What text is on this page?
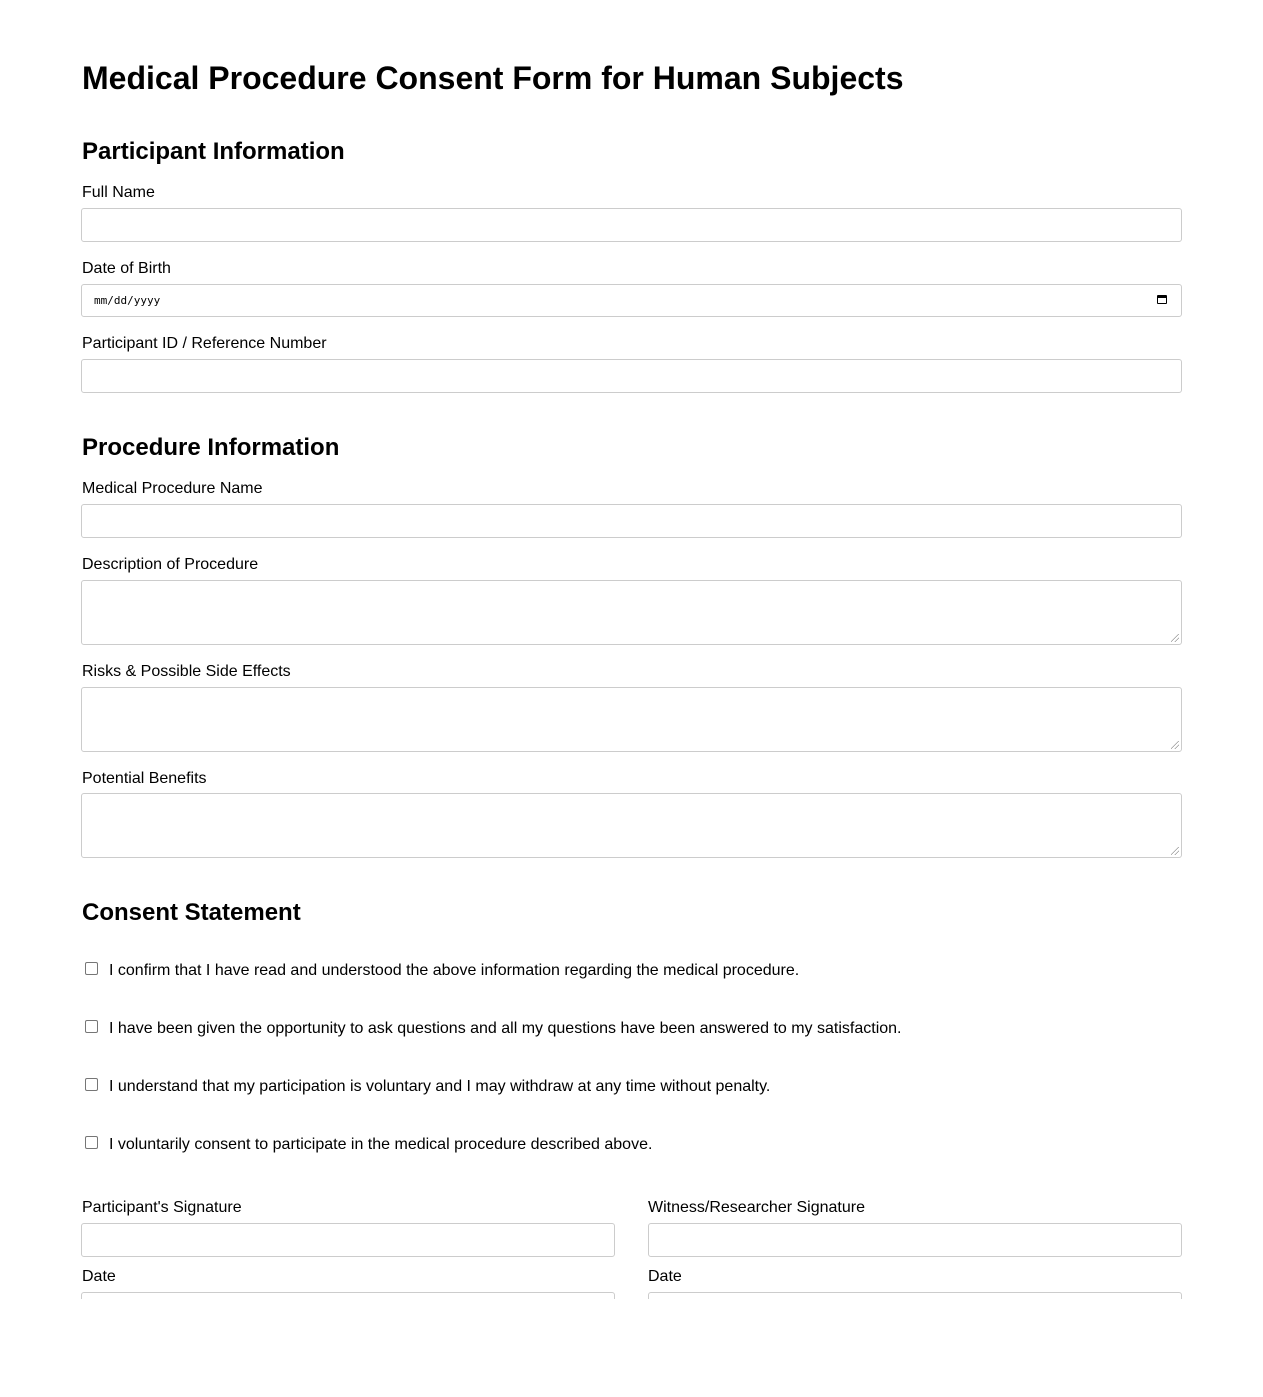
Medical Procedure Consent Form for Human Subjects
Participant Information
Full Name
Date of Birth
mm/dd/yyyy
Participant ID / Reference Number
Procedure Information
Medical Procedure Name
Description of Procedure
Risks & Possible Side Effects
Potential Benefits
Consent Statement
I confirm that I have read and understood the above information regarding the medical procedure.
I have been given the opportunity to ask questions and all my questions have been answered to my satisfaction.
I understand that my participation is voluntary and I may withdraw at any time without penalty.
I voluntarily consent to participate in the medical procedure described above.
Participant's Signature	Witness/Researcher Signature
Date	Date
